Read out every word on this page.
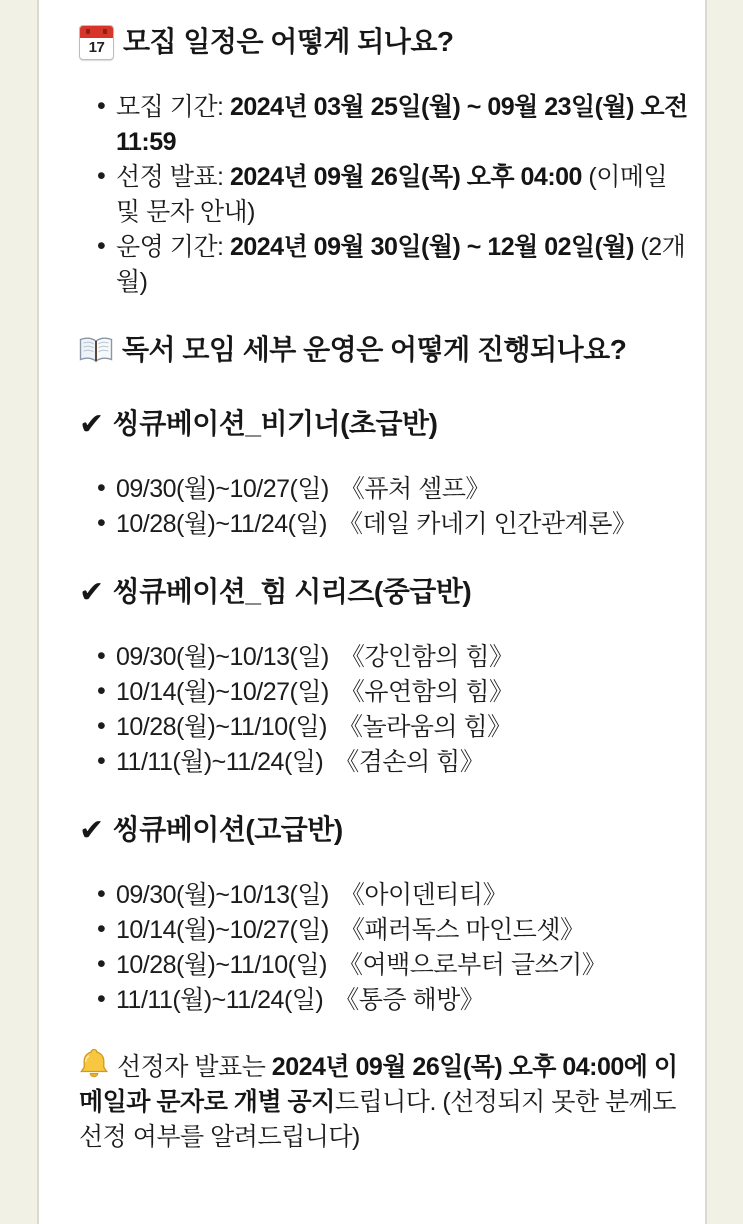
17 모집 일정은 어떻게 되나요?
• 모집 기간: 2024년 03월 25일(월) ~ 09월 23일(월) 오전 11:59
• 선정 발표: 2024년 09월 26일(목) 오후 04:00 (이메일 및 문자 안내)
• 운영 기간: 2024년 09월 30일(월) ~ 12월 02일(월) (2개월)
독서 모임 세부 운영은 어떻게 진행되나요?
✔ 씽큐베이션_비기너(초급반)
• 09/30(월)~10/27(일) 《퓨처 셀프》
• 10/28(월)~11/24(일) 《데일 카네기 인간관계론》
✔ 씽큐베이션_힘 시리즈(중급반)
• 09/30(월)~10/13(일) 《강인함의 힘》
• 10/14(월)~10/27(일) 《유연함의 힘》
• 10/28(월)~11/10(일) 《놀라움의 힘》
• 11/11(월)~11/24(일) 《겸손의 힘》
✔ 씽큐베이션(고급반)
• 09/30(월)~10/13(일) 《아이덴티티》
• 10/14(월)~10/27(일) 《패러독스 마인드셋》
• 10/28(월)~11/10(일) 《여백으로부터 글쓰기》
• 11/11(월)~11/24(일) 《통증 해방》

선정자 발표는 2024년 09월 26일(목) 오후 04:00에 이메일과 문자로 개별 공지드립니다. (선정되지 못한 분께도 선정 여부를 알려드립니다)
